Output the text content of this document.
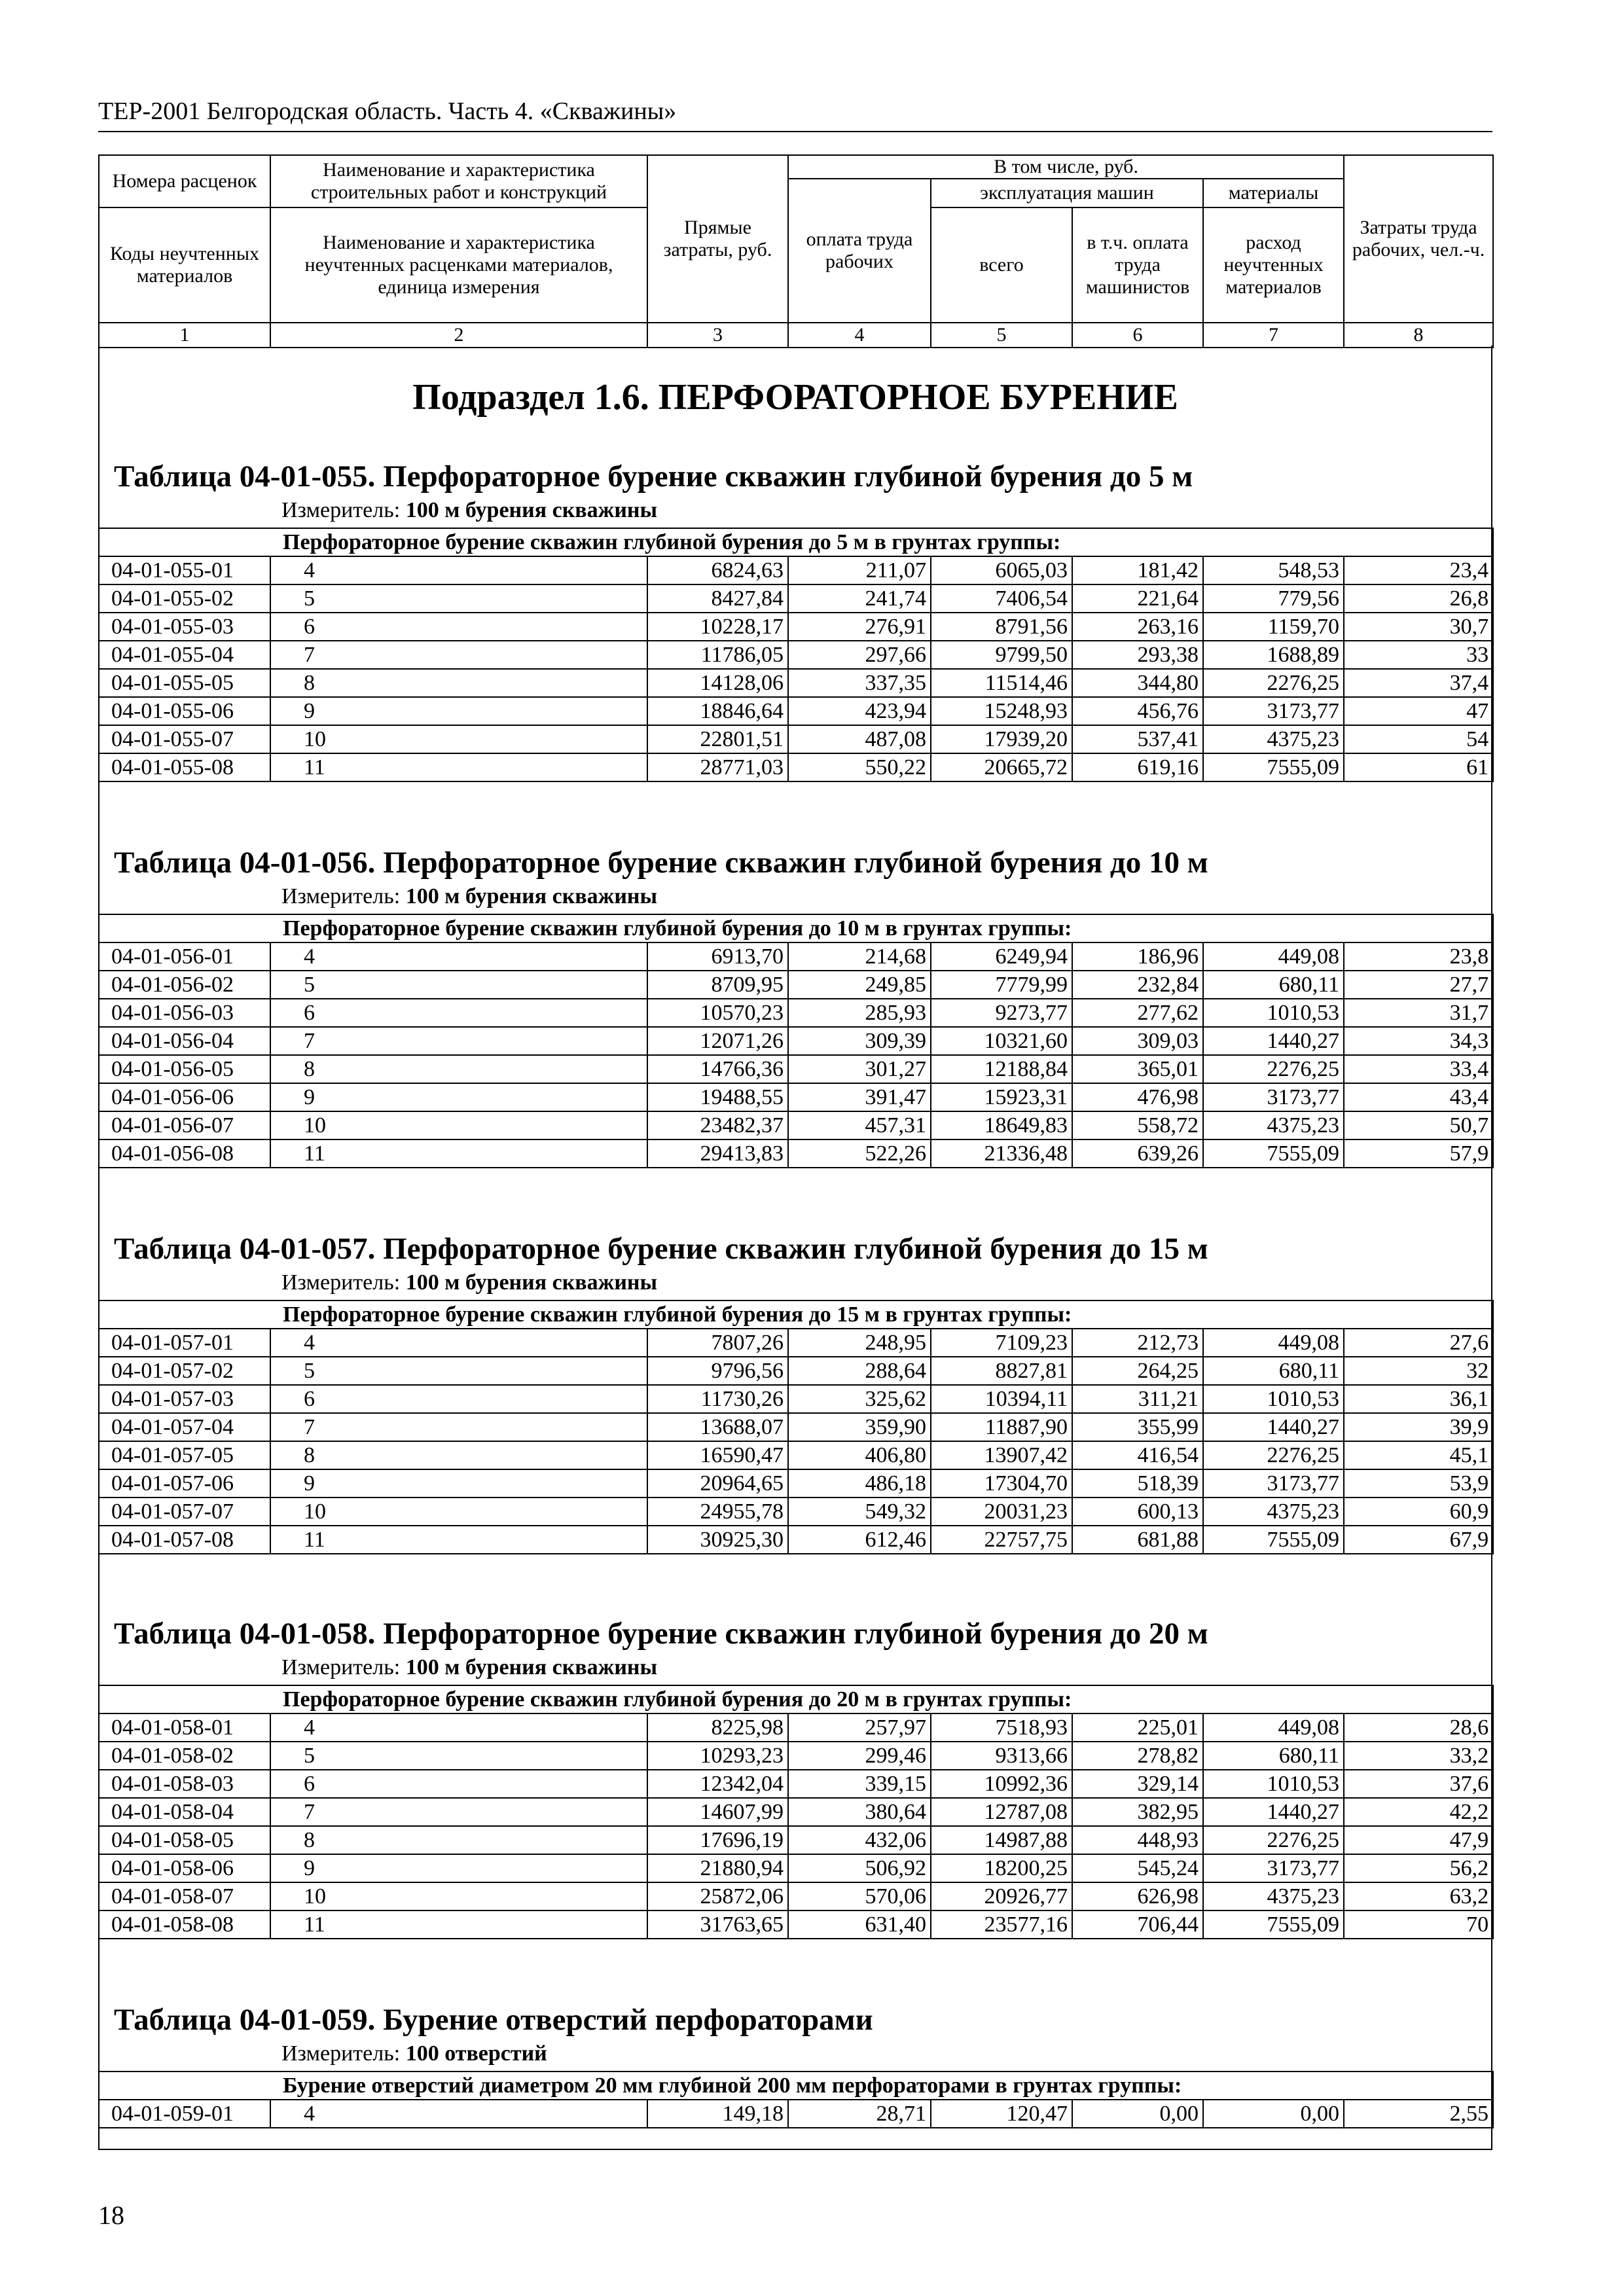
ТЕР-2001 Белгородская область. Часть 4. «Скважины»
Номера расценок	Наименование и характеристика строительных работ и конструкций	Прямые затраты, руб.	В том числе, руб.				Затраты труда рабочих, чел.-ч.
			оплата труда рабочих	эксплуатация машин		материалы	
Коды неучтенных материалов	Наименование и характеристика неучтенных расценками материалов, единица измерения			всего	в т.ч. оплата труда машинистов	расход неучтенных материалов	

1	2	3	4	5	6	7	8
Подраздел 1.6. ПЕРФОРАТОРНОЕ БУРЕНИЕ
Таблица 04-01-055. Перфораторное бурение скважин глубиной бурения до 5 м
Измеритель: 100 м бурения скважины
Перфораторное бурение скважин глубиной бурения до 5 м в грунтах группы:							
04-01-055-01	4	6824,63	211,07	6065,03	181,42	548,53	23,4
04-01-055-02	5	8427,84	241,74	7406,54	221,64	779,56	26,8
04-01-055-03	6	10228,17	276,91	8791,56	263,16	1159,70	30,7
04-01-055-04	7	11786,05	297,66	9799,50	293,38	1688,89	33
04-01-055-05	8	14128,06	337,35	11514,46	344,80	2276,25	37,4
04-01-055-06	9	18846,64	423,94	15248,93	456,76	3173,77	47
04-01-055-07	10	22801,51	487,08	17939,20	537,41	4375,23	54
04-01-055-08	11	28771,03	550,22	20665,72	619,16	7555,09	61
Таблица 04-01-056. Перфораторное бурение скважин глубиной бурения до 10 м
Измеритель: 100 м бурения скважины
Перфораторное бурение скважин глубиной бурения до 10 м в грунтах группы:							
04-01-056-01	4	6913,70	214,68	6249,94	186,96	449,08	23,8
04-01-056-02	5	8709,95	249,85	7779,99	232,84	680,11	27,7
04-01-056-03	6	10570,23	285,93	9273,77	277,62	1010,53	31,7
04-01-056-04	7	12071,26	309,39	10321,60	309,03	1440,27	34,3
04-01-056-05	8	14766,36	301,27	12188,84	365,01	2276,25	33,4
04-01-056-06	9	19488,55	391,47	15923,31	476,98	3173,77	43,4
04-01-056-07	10	23482,37	457,31	18649,83	558,72	4375,23	50,7
04-01-056-08	11	29413,83	522,26	21336,48	639,26	7555,09	57,9
Таблица 04-01-057. Перфораторное бурение скважин глубиной бурения до 15 м
Измеритель: 100 м бурения скважины
Перфораторное бурение скважин глубиной бурения до 15 м в грунтах группы:							
04-01-057-01	4	7807,26	248,95	7109,23	212,73	449,08	27,6
04-01-057-02	5	9796,56	288,64	8827,81	264,25	680,11	32
04-01-057-03	6	11730,26	325,62	10394,11	311,21	1010,53	36,1
04-01-057-04	7	13688,07	359,90	11887,90	355,99	1440,27	39,9
04-01-057-05	8	16590,47	406,80	13907,42	416,54	2276,25	45,1
04-01-057-06	9	20964,65	486,18	17304,70	518,39	3173,77	53,9
04-01-057-07	10	24955,78	549,32	20031,23	600,13	4375,23	60,9
04-01-057-08	11	30925,30	612,46	22757,75	681,88	7555,09	67,9
Таблица 04-01-058. Перфораторное бурение скважин глубиной бурения до 20 м
Измеритель: 100 м бурения скважины
Перфораторное бурение скважин глубиной бурения до 20 м в грунтах группы:							
04-01-058-01	4	8225,98	257,97	7518,93	225,01	449,08	28,6
04-01-058-02	5	10293,23	299,46	9313,66	278,82	680,11	33,2
04-01-058-03	6	12342,04	339,15	10992,36	329,14	1010,53	37,6
04-01-058-04	7	14607,99	380,64	12787,08	382,95	1440,27	42,2
04-01-058-05	8	17696,19	432,06	14987,88	448,93	2276,25	47,9
04-01-058-06	9	21880,94	506,92	18200,25	545,24	3173,77	56,2
04-01-058-07	10	25872,06	570,06	20926,77	626,98	4375,23	63,2
04-01-058-08	11	31763,65	631,40	23577,16	706,44	7555,09	70
Таблица 04-01-059. Бурение отверстий перфораторами
Измеритель: 100 отверстий
Бурение отверстий диаметром 20 мм глубиной 200 мм перфораторами в грунтах группы:
04-01-059-01	4	149,18	28,71	120,47	0,00	0,00	2,55
18
